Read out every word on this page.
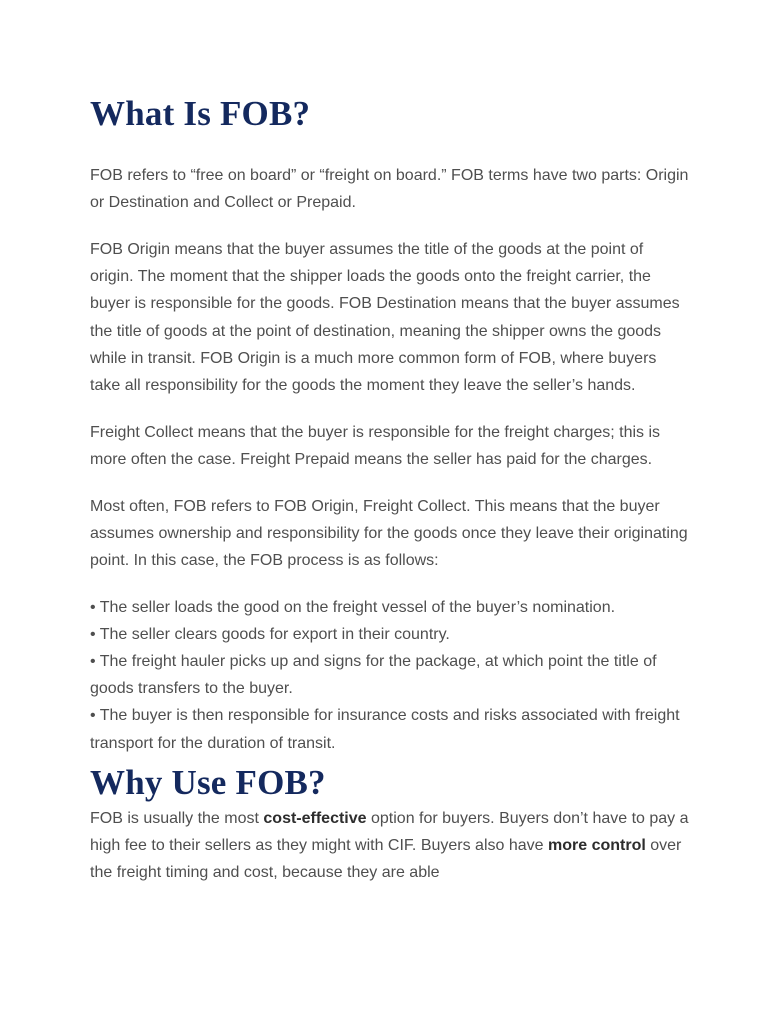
What Is FOB?

FOB refers to “free on board” or “freight on board.” FOB terms have two parts: Origin or Destination and Collect or Prepaid.

FOB Origin means that the buyer assumes the title of the goods at the point of origin. The moment that the shipper loads the goods onto the freight carrier, the buyer is responsible for the goods. FOB Destination means that the buyer assumes the title of goods at the point of destination, meaning the shipper owns the goods while in transit. FOB Origin is a much more common form of FOB, where buyers take all responsibility for the goods the moment they leave the seller’s hands.

Freight Collect means that the buyer is responsible for the freight charges; this is more often the case. Freight Prepaid means the seller has paid for the charges.

Most often, FOB refers to FOB Origin, Freight Collect. This means that the buyer assumes ownership and responsibility for the goods once they leave their originating point. In this case, the FOB process is as follows:

• The seller loads the good on the freight vessel of the buyer’s nomination.
• The seller clears goods for export in their country.
• The freight hauler picks up and signs for the package, at which point the title of goods transfers to the buyer.
• The buyer is then responsible for insurance costs and risks associated with freight transport for the duration of transit.

Why Use FOB?

FOB is usually the most cost-effective option for buyers. Buyers don’t have to pay a high fee to their sellers as they might with CIF. Buyers also have more control over the freight timing and cost, because they are able
